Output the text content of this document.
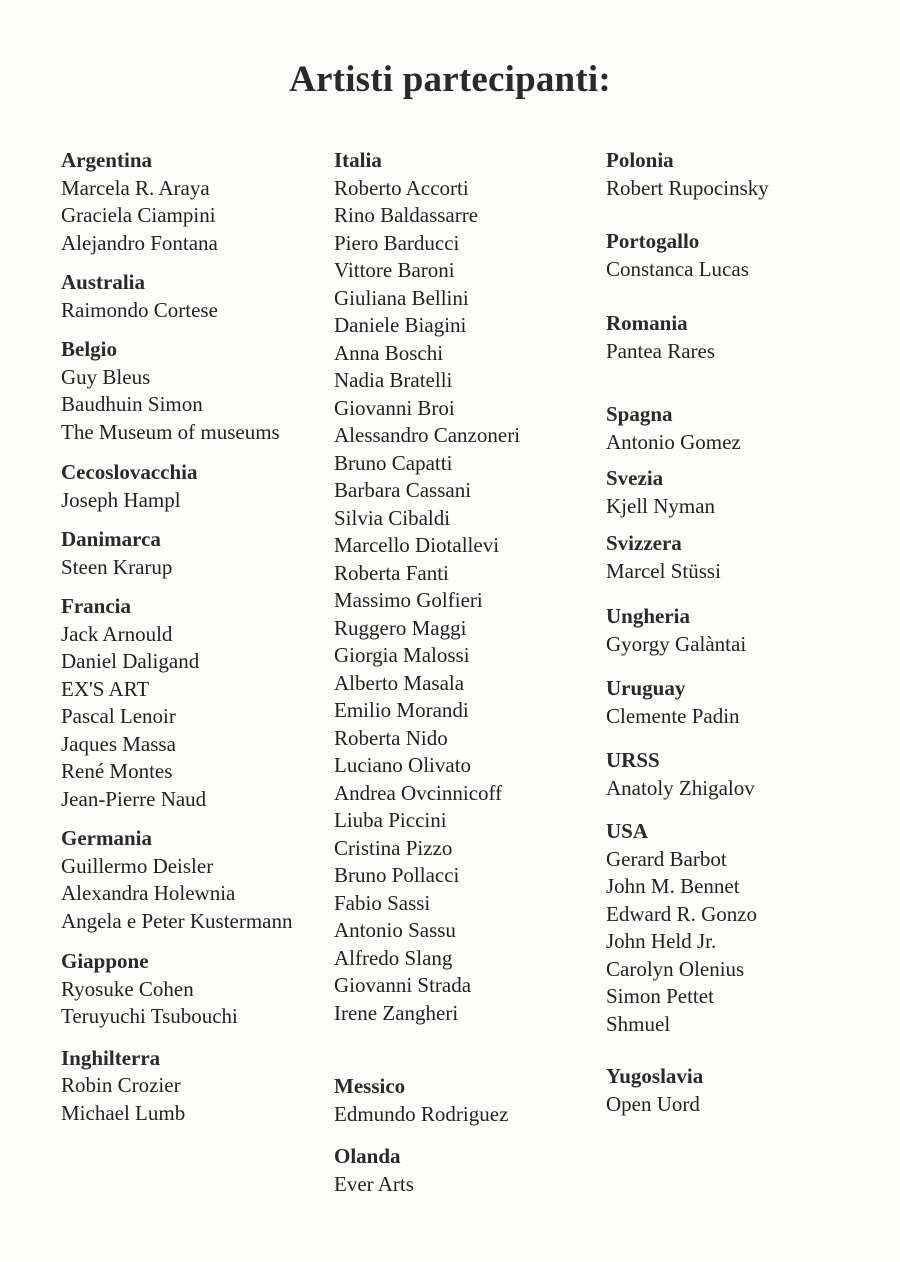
Artisti partecipanti:
Argentina
Marcela R. Araya
Graciela Ciampini
Alejandro Fontana
Australia
Raimondo Cortese
Belgio
Guy Bleus
Baudhuin Simon
The Museum of museums
Cecoslovacchia
Joseph Hampl
Danimarca
Steen Krarup
Francia
Jack Arnould
Daniel Daligand
EX'S ART
Pascal Lenoir
Jaques Massa
René Montes
Jean-Pierre Naud
Germania
Guillermo Deisler
Alexandra Holewnia
Angela e Peter Kustermann
Giappone
Ryosuke Cohen
Teruyuchi Tsubouchi
Inghilterra
Robin Crozier
Michael Lumb
Italia
Roberto Accorti
Rino Baldassarre
Piero Barducci
Vittore Baroni
Giuliana Bellini
Daniele Biagini
Anna Boschi
Nadia Bratelli
Giovanni Broi
Alessandro Canzoneri
Bruno Capatti
Barbara Cassani
Silvia Cibaldi
Marcello Diotallevi
Roberta Fanti
Massimo Golfieri
Ruggero Maggi
Giorgia Malossi
Alberto Masala
Emilio Morandi
Roberta Nido
Luciano Olivato
Andrea Ovcinnicoff
Liuba Piccini
Cristina Pizzo
Bruno Pollacci
Fabio Sassi
Antonio Sassu
Alfredo Slang
Giovanni Strada
Irene Zangheri
Messico
Edmundo Rodriguez
Olanda
Ever Arts
Polonia
Robert Rupocinsky
Portogallo
Constanca Lucas
Romania
Pantea Rares
Spagna
Antonio Gomez
Svezia
Kjell Nyman
Svizzera
Marcel Stüssi
Ungheria
Gyorgy Galàntai
Uruguay
Clemente Padin
URSS
Anatoly Zhigalov
USA
Gerard Barbot
John M. Bennet
Edward R. Gonzo
John Held Jr.
Carolyn Olenius
Simon Pettet
Shmuel
Yugoslavia
Open Uord
